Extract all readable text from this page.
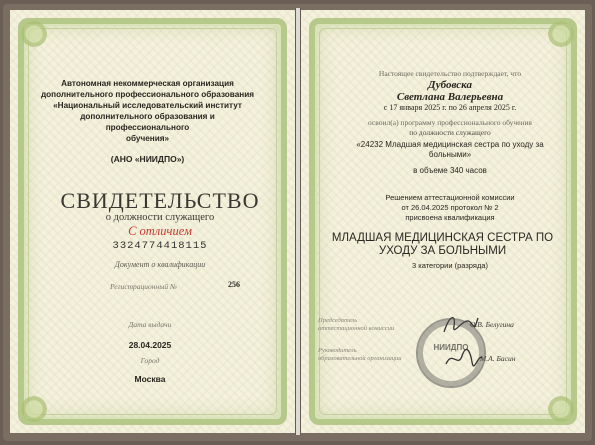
Автономная некоммерческая организация
дополнительного профессионального образования
«Национальный исследовательский институт
дополнительного образования и профессионального
обучения»
(АНО «НИИДПО»)
СВИДЕТЕЛЬСТВО
о должности служащего
С отличием
332477441811​5
Документ о квалификации
Регистрационный №	256
Дата выдачи
28.04.2025
Город
Москва
Настоящее свидетельство подтверждает, что
Дубовска
Светлана Валерьевна
с 17 января 2025 г. по 26 апреля 2025 г.
освоил(а) программу профессионального обучения
по должности служащего
«24232 Младшая медицинская сестра по уходу за
больными»
в объеме 340 часов
Решением аттестационной комиссии
от 26.04.2025 протокол № 2
присвоена квалификация
МЛАДШАЯ МЕДИЦИНСКАЯ СЕСТРА ПО
УХОДУ ЗА БОЛЬНЫМИ
3 категории (разряда)
Председатель
аттестационной комиссии	О.В. Белугина
Руководитель
образовательной организации	М.А. Басин
НИИДПО
